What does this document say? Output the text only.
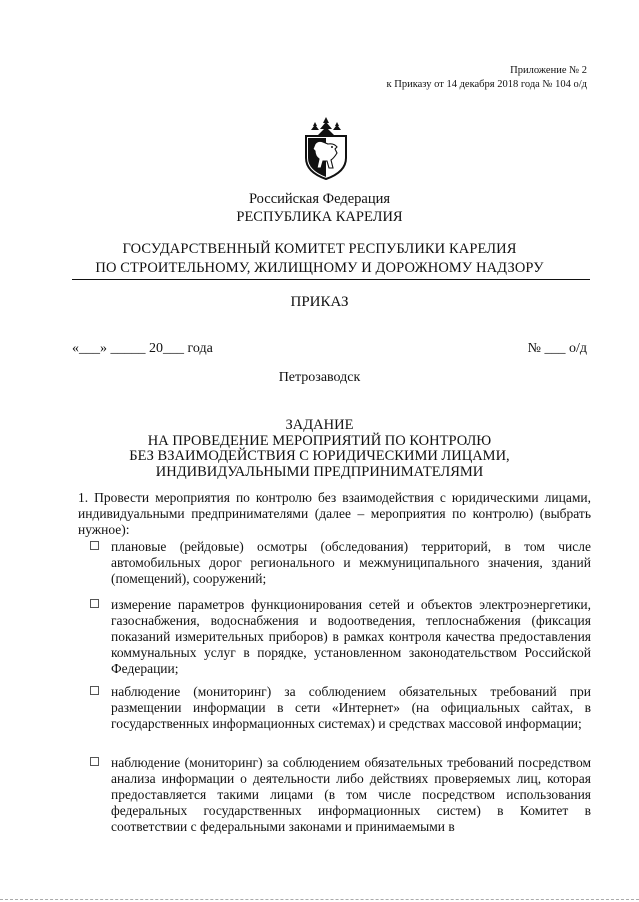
Приложение № 2
к Приказу от 14 декабря 2018 года № 104 о/д
Российская Федерация
РЕСПУБЛИКА КАРЕЛИЯ
ГОСУДАРСТВЕННЫЙ КОМИТЕТ РЕСПУБЛИКИ КАРЕЛИЯ
ПО СТРОИТЕЛЬНОМУ, ЖИЛИЩНОМУ И ДОРОЖНОМУ НАДЗОРУ
ПРИКАЗ
«___» _____ 20___ года	№ ___ о/д
Петрозаводск
ЗАДАНИЕ
НА ПРОВЕДЕНИЕ МЕРОПРИЯТИЙ ПО КОНТРОЛЮ
БЕЗ ВЗАИМОДЕЙСТВИЯ С ЮРИДИЧЕСКИМИ ЛИЦАМИ,
ИНДИВИДУАЛЬНЫМИ ПРЕДПРИНИМАТЕЛЯМИ
1. Провести мероприятия по контролю без взаимодействия с юридическими лицами, индивидуальными предпринимателями (далее – мероприятия по контролю) (выбрать нужное):
плановые (рейдовые) осмотры (обследования) территорий, в том числе автомобильных дорог регионального и межмуниципального значения, зданий (помещений), сооружений;
измерение параметров функционирования сетей и объектов электроэнергетики, газоснабжения, водоснабжения и водоотведения, теплоснабжения (фиксация показаний измерительных приборов) в рамках контроля качества предоставления коммунальных услуг в порядке, установленном законодательством Российской Федерации;
наблюдение (мониторинг) за соблюдением обязательных требований при размещении информации в сети «Интернет» (на официальных сайтах, в государственных информационных системах) и средствах массовой информации;
наблюдение (мониторинг) за соблюдением обязательных требований посредством анализа информации о деятельности либо действиях проверяемых лиц, которая предоставляется такими лицами (в том числе посредством использования федеральных государственных информационных систем) в Комитет в соответствии с федеральными законами и принимаемыми в
